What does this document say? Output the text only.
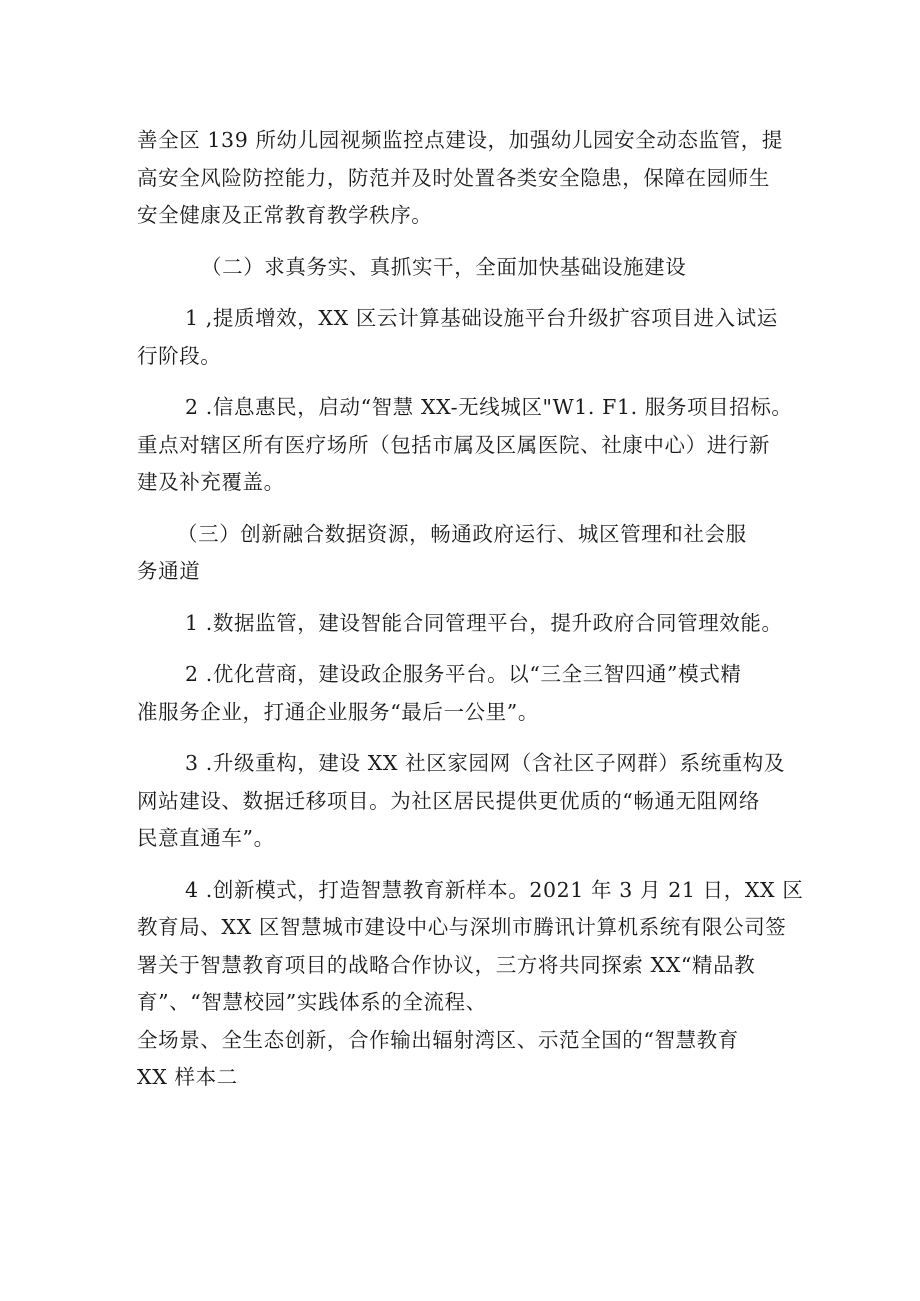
善全区 139 所幼儿园视频监控点建设，加强幼儿园安全动态监管，提
高安全风险防控能力，防范并及时处置各类安全隐患，保障在园师生
安全健康及正常教育教学秩序。
（二）求真务实、真抓实干，全面加快基础设施建设
1 ,提质增效，XX 区云计算基础设施平台升级扩容项目进入试运
行阶段。
2 .信息惠民，启动“智慧 XX-无线城区"W1. F1. 服务项目招标。
重点对辖区所有医疗场所（包括市属及区属医院、社康中心）进行新
建及补充覆盖。
（三）创新融合数据资源，畅通政府运行、城区管理和社会服
务通道
1 .数据监管，建设智能合同管理平台，提升政府合同管理效能。
2 .优化营商，建设政企服务平台。以“三全三智四通”模式精
准服务企业，打通企业服务“最后一公里”。
3 .升级重构，建设 XX 社区家园网（含社区子网群）系统重构及
网站建设、数据迁移项目。为社区居民提供更优质的“畅通无阻网络
民意直通车”。
4 .创新模式，打造智慧教育新样本。2021 年 3 月 21 日，XX 区
教育局、XX 区智慧城市建设中心与深圳市腾讯计算机系统有限公司签
署关于智慧教育项目的战略合作协议，三方将共同探索 XX“精品教
育”、“智慧校园”实践体系的全流程、
全场景、全生态创新，合作输出辐射湾区、示范全国的“智慧教育
XX 样本二
